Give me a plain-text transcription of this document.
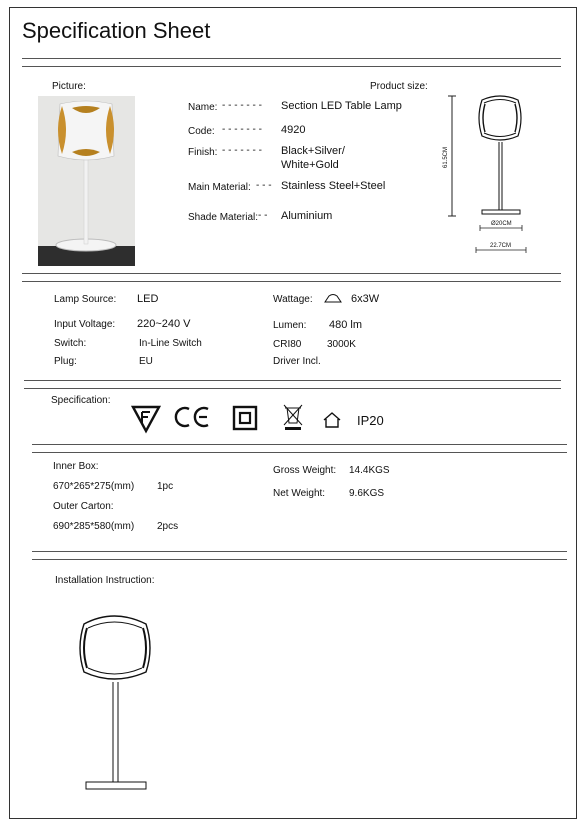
Specification Sheet
Picture:	Product size:
Name: - - - - - - - Section LED Table Lamp
Code: - - - - - - - 4920
Finish: - - - - - - - Black+Silver/
White+Gold
Main Material: - - - Stainless Steel+Steel
Shade Material: - - Aluminium
61.5CM
Ø20CM
22.7CM
Lamp Source: LED	Wattage:	6x3W
Input Voltage: 220~240 V	Lumen: 480 lm
Switch:	In-Line Switch	CRI80	3000K
Plug:	EU	Driver Incl.
Specification:
IP20
Inner Box:
670*265*275(mm) 1pc
Outer Carton:
690*285*580(mm) 2pcs
Gross Weight: 14.4KGS
Net Weight: 9.6KGS
Installation Instruction:
